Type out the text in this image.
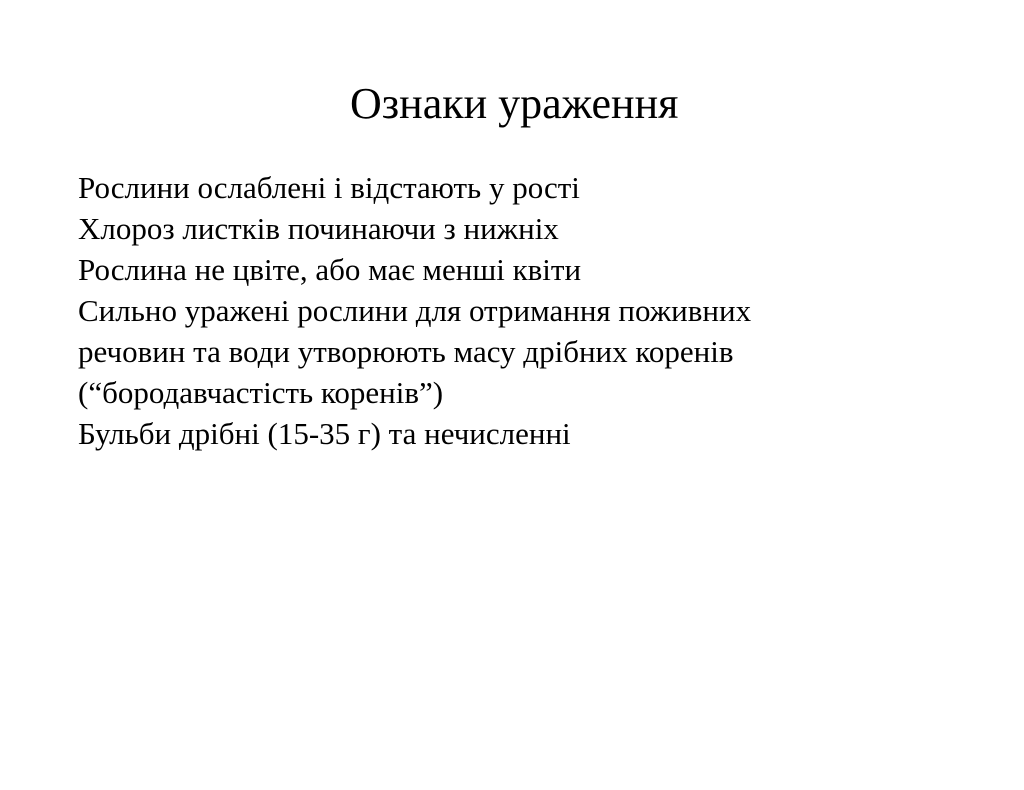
Ознаки ураження
Рослини ослаблені і відстають у рості
Хлороз листків починаючи з нижніх
Рослина не цвіте, або має менші квіти
Сильно уражені рослини для отримання поживних
речовин та води утворюють масу дрібних коренів
(“бородавчастість коренів”)
Бульби дрібні (15-35 г) та нечисленні
